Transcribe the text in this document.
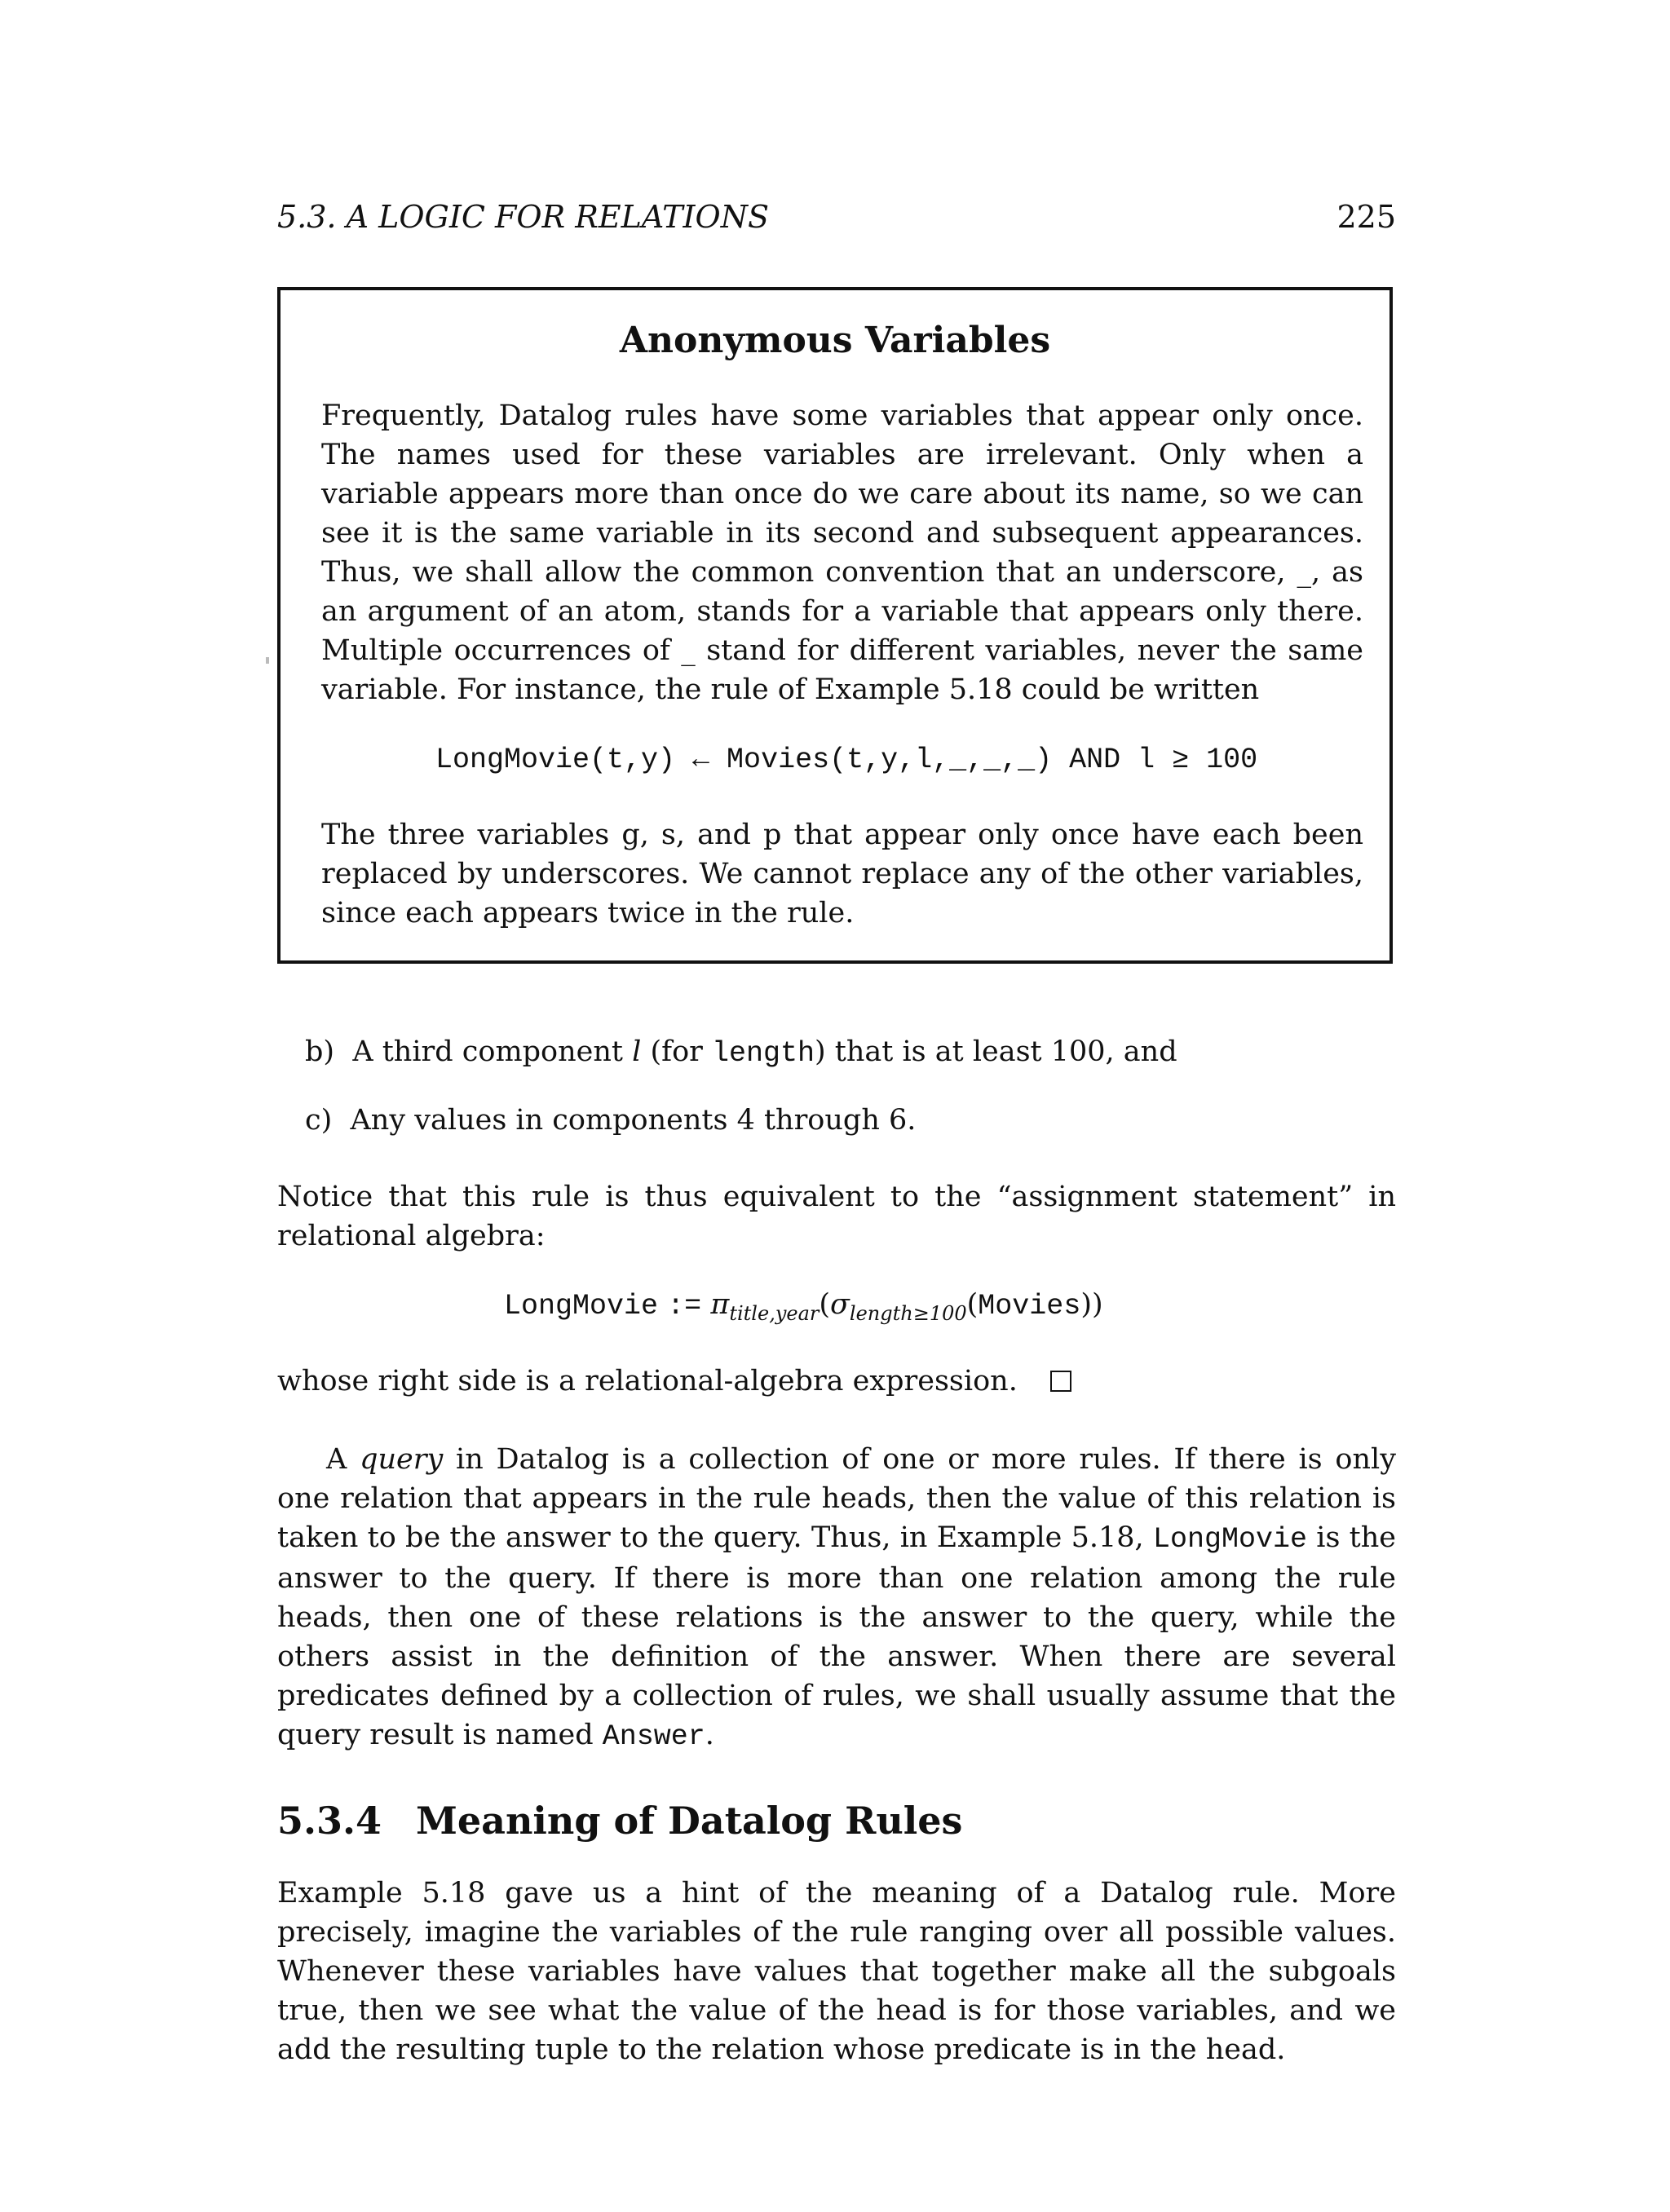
5.3. A LOGIC FOR RELATIONS	225
Anonymous Variables
Frequently, Datalog rules have some variables that appear only once. The names used for these variables are irrelevant. Only when a variable appears more than once do we care about its name, so we can see it is the same variable in its second and subsequent appearances. Thus, we shall allow the common convention that an underscore, _, as an argument of an atom, stands for a variable that appears only there. Multiple occurrences of _ stand for different variables, never the same variable. For instance, the rule of Example 5.18 could be written
LongMovie(t,y) ← Movies(t,y,l,_,_,_) AND l ≥ 100
The three variables g, s, and p that appear only once have each been replaced by underscores. We cannot replace any of the other variables, since each appears twice in the rule.
b) A third component l (for length) that is at least 100, and
c) Any values in components 4 through 6.
Notice that this rule is thus equivalent to the “assignment statement” in relational algebra:
LongMovie := $\pi_{title,year}(\sigma_{length\ge 100}(Movies))$
whose right side is a relational-algebra expression.
A query in Datalog is a collection of one or more rules. If there is only one relation that appears in the rule heads, then the value of this relation is taken to be the answer to the query. Thus, in Example 5.18, LongMovie is the answer to the query. If there is more than one relation among the rule heads, then one of these relations is the answer to the query, while the others assist in the definition of the answer. When there are several predicates defined by a collection of rules, we shall usually assume that the query result is named Answer.
5.3.4 Meaning of Datalog Rules
Example 5.18 gave us a hint of the meaning of a Datalog rule. More precisely, imagine the variables of the rule ranging over all possible values. Whenever these variables have values that together make all the subgoals true, then we see what the value of the head is for those variables, and we add the resulting tuple to the relation whose predicate is in the head.
